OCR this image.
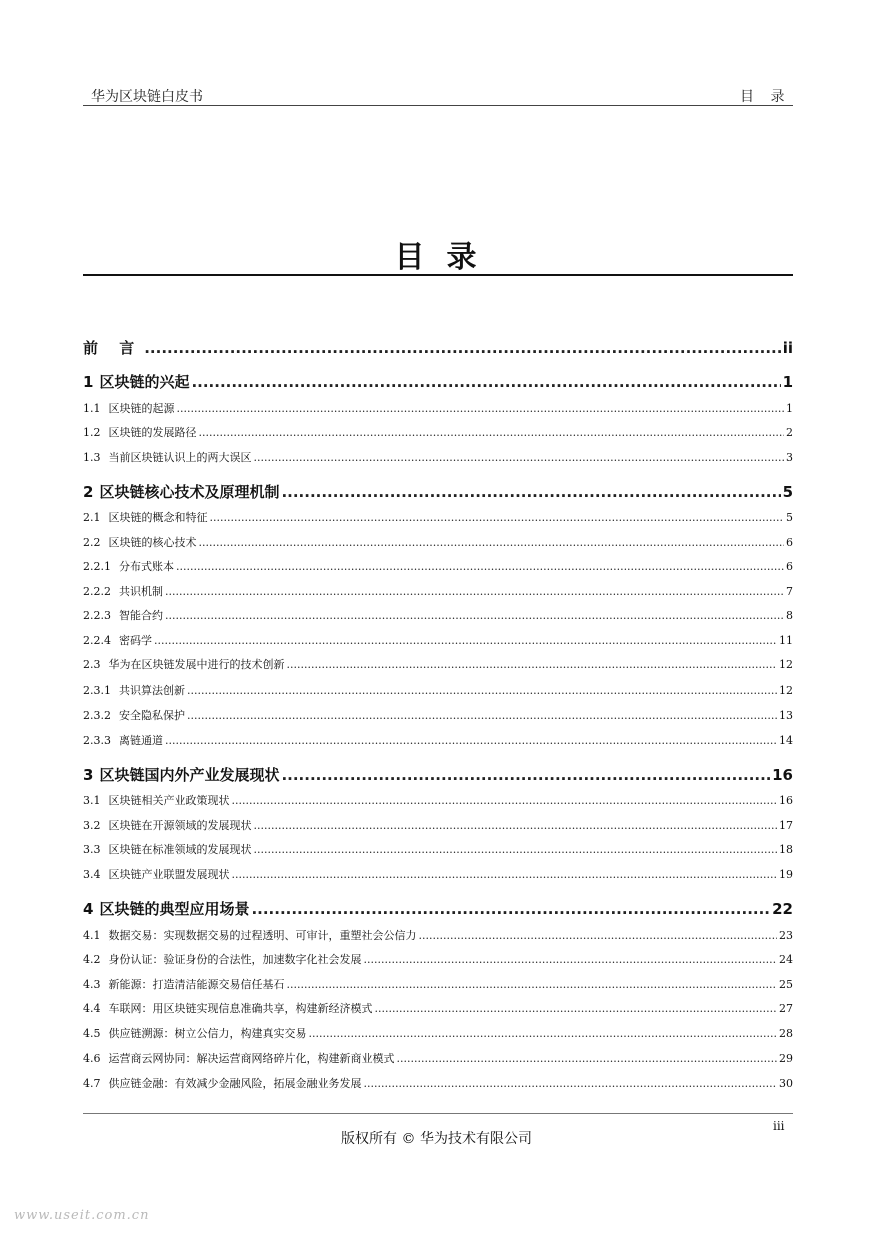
华为区块链白皮书	目 录
目录
前 言 .....	ii
1 区块链的兴起 .....	1
1.1 区块链的起源 .....	1
1.2 区块链的发展路径 .....	2
1.3 当前区块链认识上的两大误区 .....	3
2 区块链核心技术及原理机制 .....	5
2.1 区块链的概念和特征 .....	5
2.2 区块链的核心技术 .....	6
2.2.1 分布式账本 .....	6
2.2.2 共识机制 .....	7
2.2.3 智能合约 .....	8
2.2.4 密码学 .....	11
2.3 华为在区块链发展中进行的技术创新 .....	12
2.3.1 共识算法创新 .....	12
2.3.2 安全隐私保护 .....	13
2.3.3 离链通道 .....	14
3 区块链国内外产业发展现状 .....	16
3.1 区块链相关产业政策现状 .....	16
3.2 区块链在开源领域的发展现状 .....	17
3.3 区块链在标准领域的发展现状 .....	18
3.4 区块链产业联盟发展现状 .....	19
4 区块链的典型应用场景 .....	22
4.1 数据交易：实现数据交易的过程透明、可审计，重塑社会公信力 .....	23
4.2 身份认证：验证身份的合法性，加速数字化社会发展 .....	24
4.3 新能源：打造清洁能源交易信任基石 .....	25
4.4 车联网：用区块链实现信息准确共享，构建新经济模式 .....	27
4.5 供应链溯源：树立公信力，构建真实交易 .....	28
4.6 运营商云网协同：解决运营商网络碎片化，构建新商业模式 .....	29
4.7 供应链金融：有效减少金融风险，拓展金融业务发展 .....	30
iii
版权所有 © 华为技术有限公司
www.useit.com.cn
